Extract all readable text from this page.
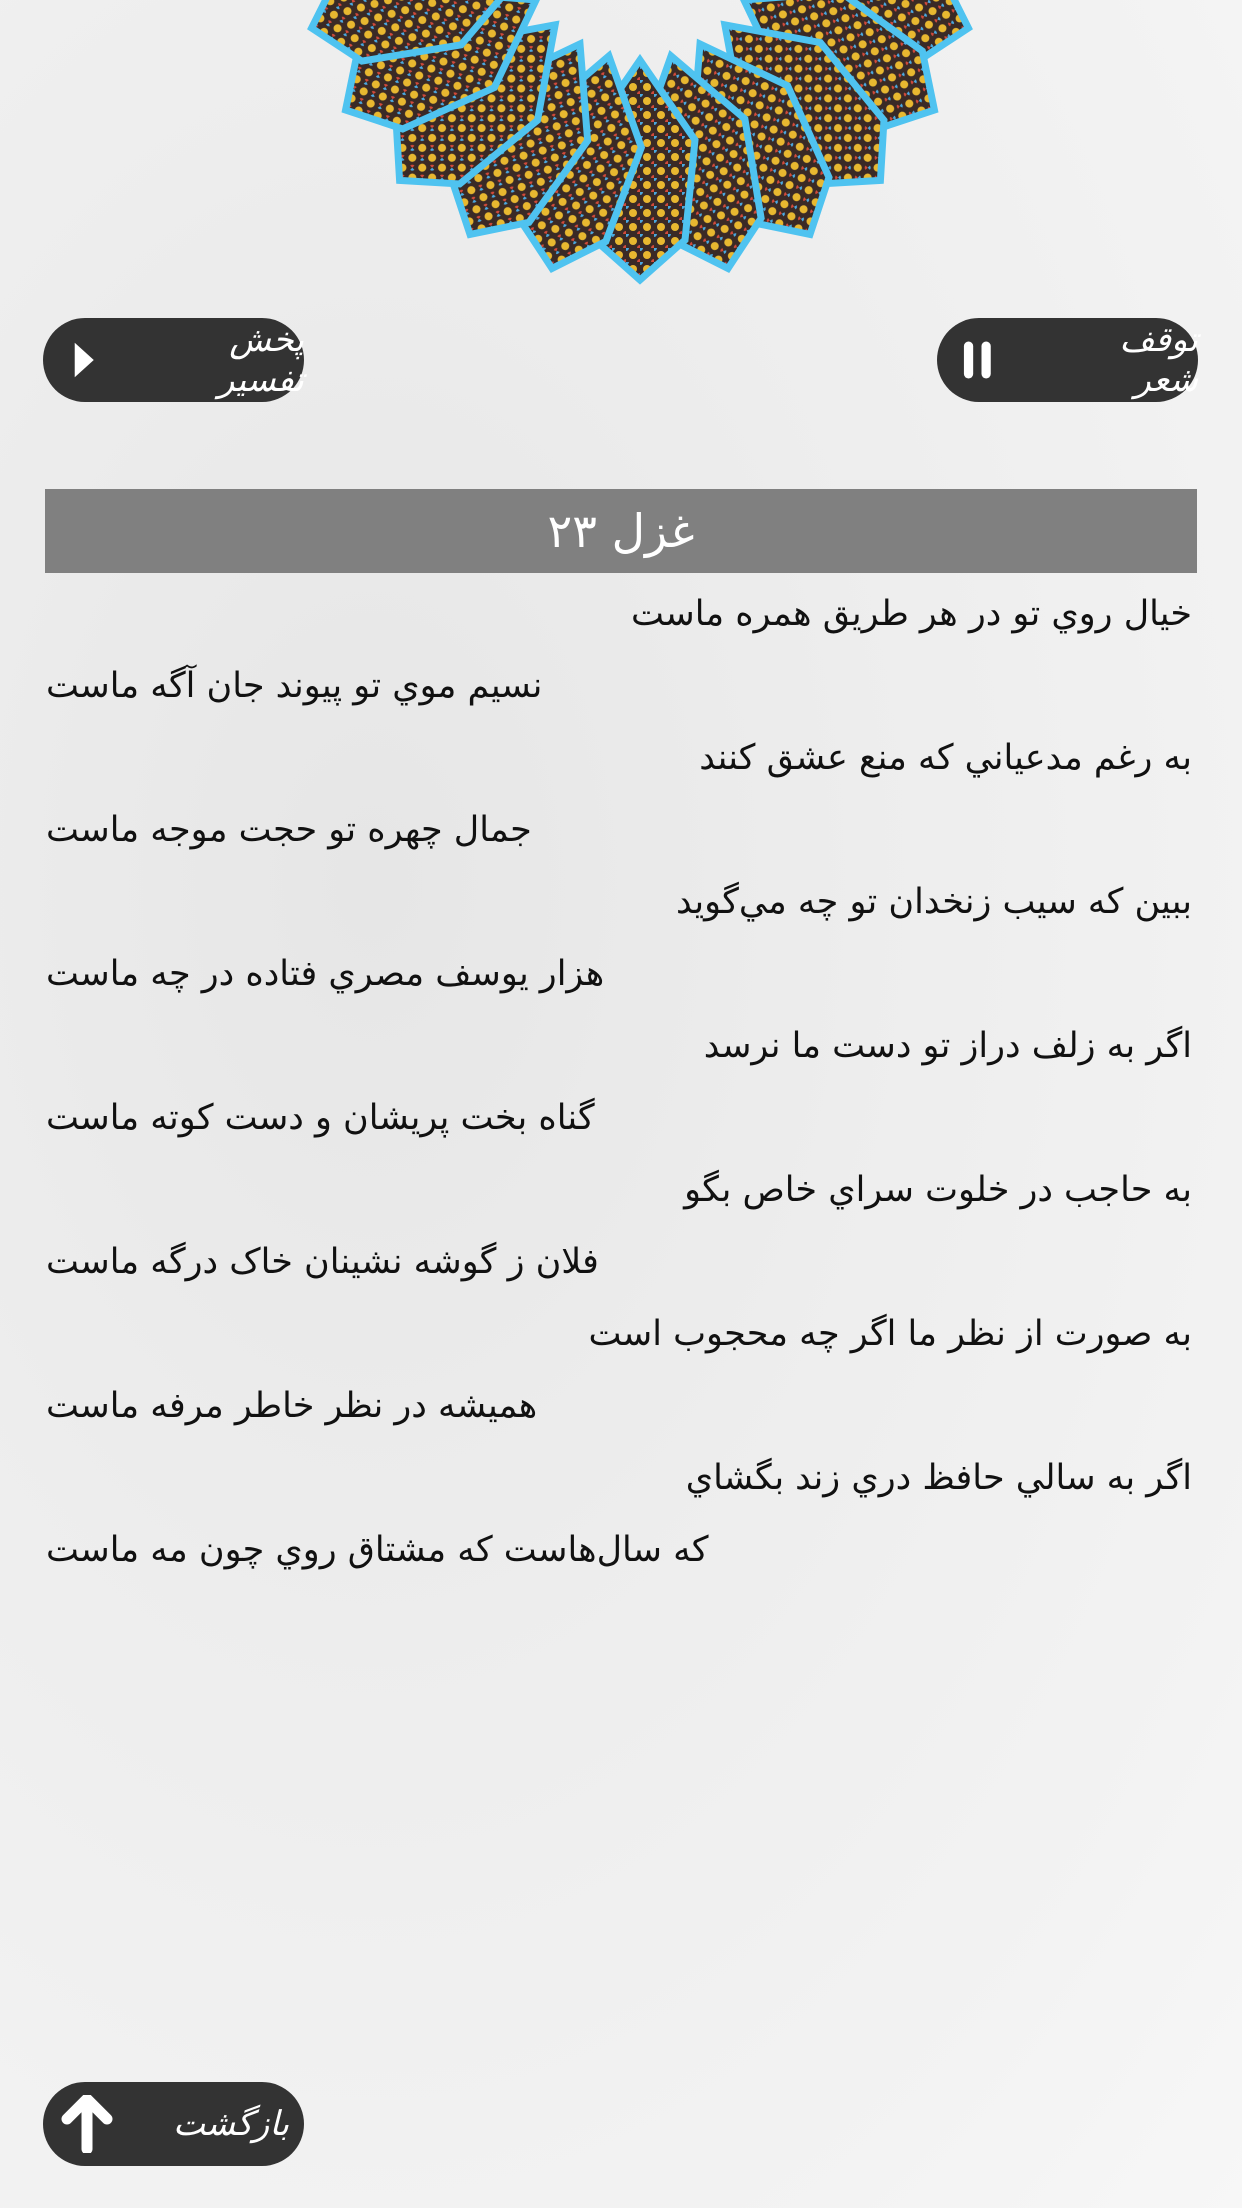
پخش تفسیر
توقف شعر
غزل ۲۳
خيال روي تو در هر طريق همره ماست
نسيم موي تو پيوند جان آگه ماست
به رغم مدعياني كه منع عشق كنند
جمال چهره تو حجت موجه ماست
ببين كه سيب زنخدان تو چه مي‌گويد
هزار يوسف مصري فتاده در چه ماست
اگر به زلف دراز تو دست ما نرسد
گناه بخت پريشان و دست كوته ماست
به حاجب در خلوت سراي خاص بگو
فلان ز گوشه نشينان خاک درگه ماست
به صورت از نظر ما اگر چه محجوب است
هميشه در نظر خاطر مرفه ماست
اگر به سالي حافظ دري زند بگشاي
كه سال‌هاست كه مشتاق روي چون مه ماست
بازگشت
